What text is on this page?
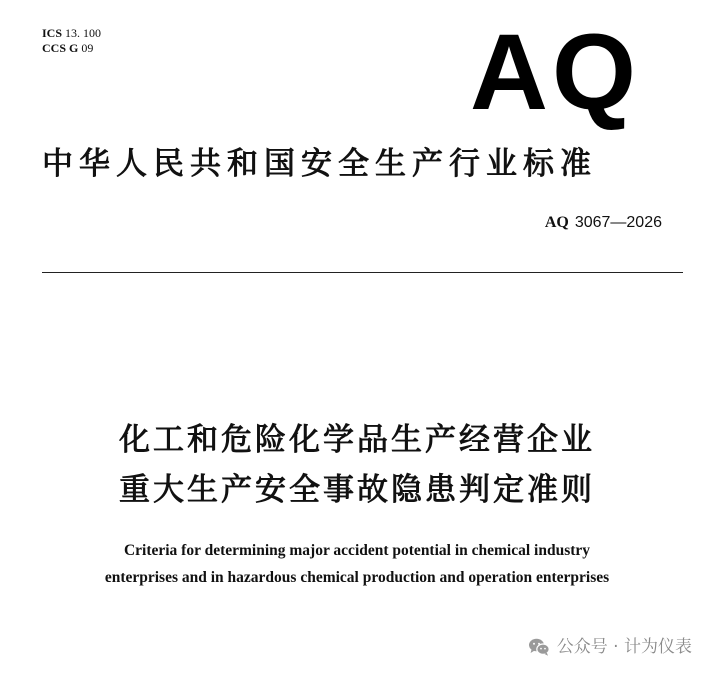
ICS 13. 100
CCS G 09	AQ
中华人民共和国安全生产行业标准
AQ 3067—2026
化工和危险化学品生产经营企业
重大生产安全事故隐患判定准则
Criteria for determining major accident potential in chemical industry
enterprises and in hazardous chemical production and operation enterprises
公众号 · 计为仪表
